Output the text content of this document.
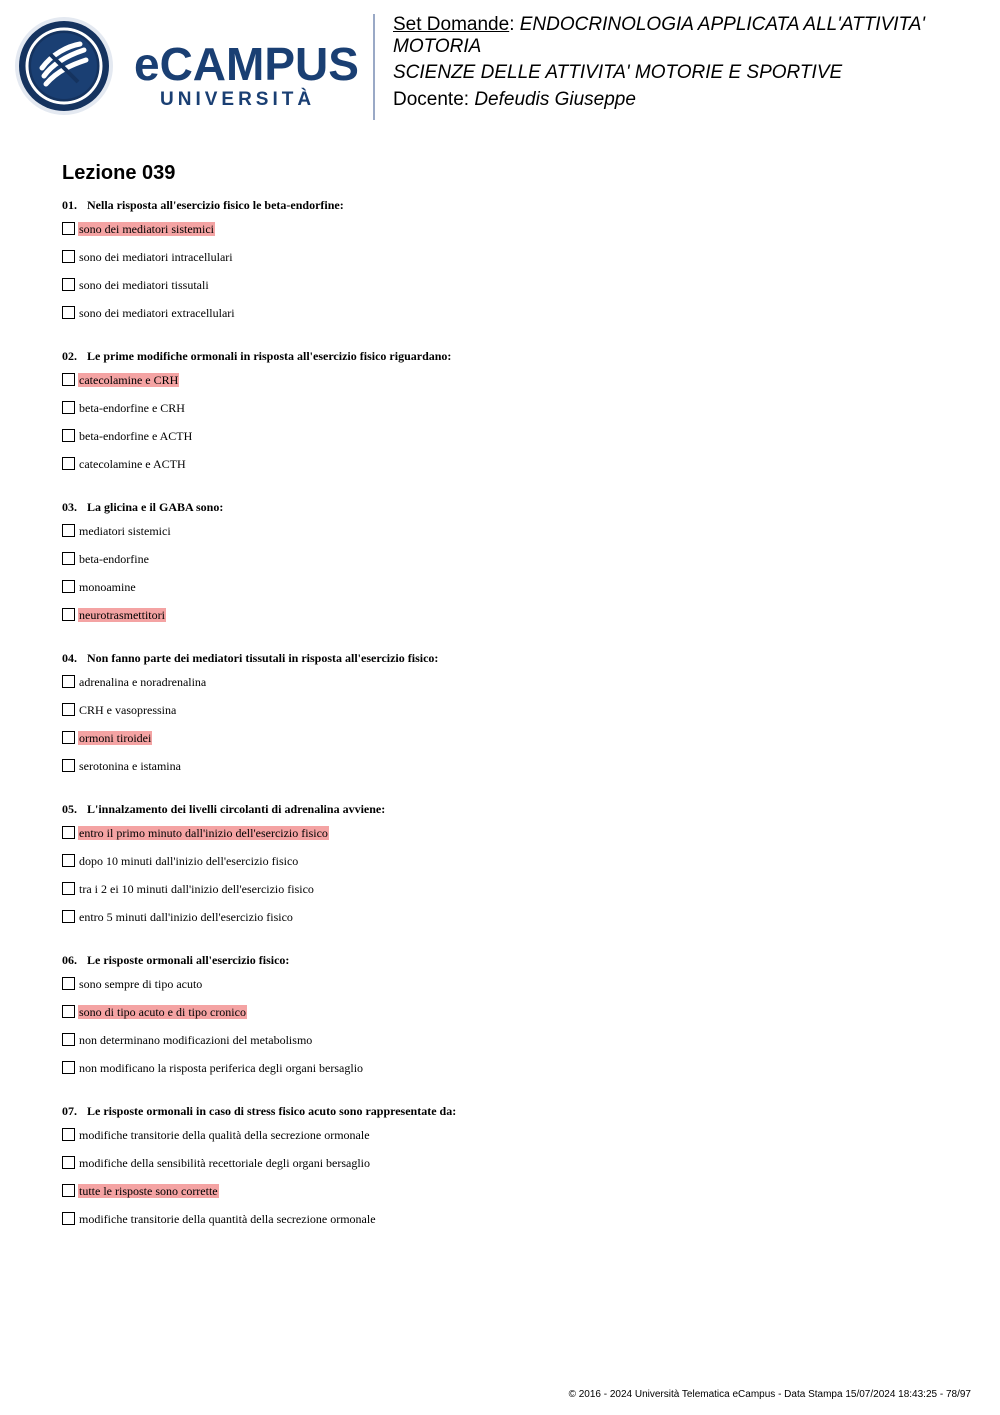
eCAMPUS
UNIVERSITÀ
Set Domande: ENDOCRINOLOGIA APPLICATA ALL'ATTIVITA' MOTORIA
SCIENZE DELLE ATTIVITA' MOTORIE E SPORTIVE
Docente: Defeudis Giuseppe
Lezione 039
01. Nella risposta all'esercizio fisico le beta-endorfine:
sono dei mediatori sistemici
sono dei mediatori intracellulari
sono dei mediatori tissutali
sono dei mediatori extracellulari
02. Le prime modifiche ormonali in risposta all'esercizio fisico riguardano:
catecolamine e CRH
beta-endorfine e CRH
beta-endorfine e ACTH
catecolamine e ACTH
03. La glicina e il GABA sono:
mediatori sistemici
beta-endorfine
monoamine
neurotrasmettitori
04. Non fanno parte dei mediatori tissutali in risposta all'esercizio fisico:
adrenalina e noradrenalina
CRH e vasopressina
ormoni tiroidei
serotonina e istamina
05. L'innalzamento dei livelli circolanti di adrenalina avviene:
entro il primo minuto dall'inizio dell'esercizio fisico
dopo 10 minuti dall'inizio dell'esercizio fisico
tra i 2 ei 10 minuti dall'inizio dell'esercizio fisico
entro 5 minuti dall'inizio dell'esercizio fisico
06. Le risposte ormonali all'esercizio fisico:
sono sempre di tipo acuto
sono di tipo acuto e di tipo cronico
non determinano modificazioni del metabolismo
non modificano la risposta periferica degli organi bersaglio
07. Le risposte ormonali in caso di stress fisico acuto sono rappresentate da:
modifiche transitorie della qualità della secrezione ormonale
modifiche della sensibilità recettoriale degli organi bersaglio
tutte le risposte sono corrette
modifiche transitorie della quantità della secrezione ormonale
© 2016 - 2024 Università Telematica eCampus - Data Stampa 15/07/2024 18:43:25 - 78/97
